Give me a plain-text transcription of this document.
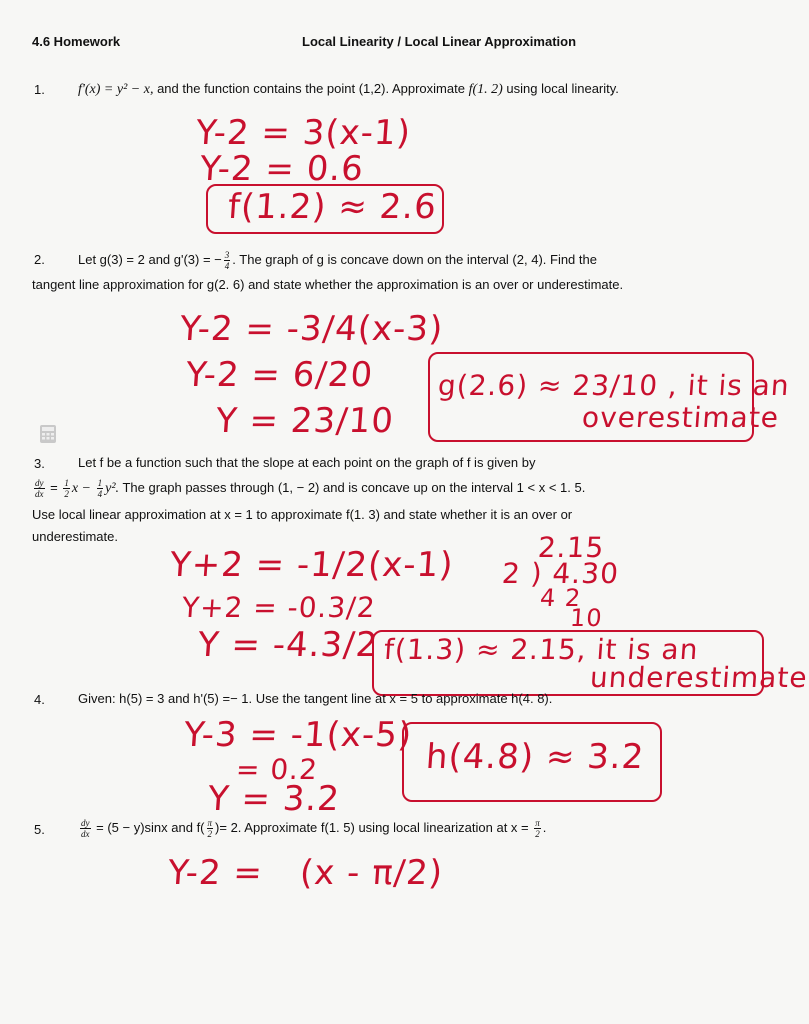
4.6 Homework	Local Linearity / Local Linear Approximation
1. f'(x) = y² − x, and the function contains the point (1,2). Approximate f(1. 2) using local linearity.
Y-2 = 3(x-1)
Y-2 = 0.6
f(1.2) ≈ 2.6
2.	Let g(3) = 2 and g'(3) = − $\frac{3}{4}$ . The graph of g is concave down on the interval (2, 4). Find the
tangent line approximation for g(2. 6) and state whether the approximation is an over or underestimate.
Y-2 = -3/4(x-3)
Y-2 = 6/20
Y = 23/10
g(2.6) ≈ 23/10 , it is an
overestimate
3.	Let f be a function such that the slope at each point on the graph of f is given by
$\frac{dy}{dx} = \frac{1}{2}$ $x - \frac{1}{4} y^2$. The graph passes through (1, − 2) and is concave up on the interval 1 < x < 1. 5.
Use local linear approximation at x = 1 to approximate f(1. 3) and state whether it is an over or
underestimate.
Y+2 = -1/2(x-1)
Y+2 = -0.3/2
Y = -4.3/2
2.15
2 ) 4.30
4 2
10
f(1.3) ≈ 2.15, it is an
underestimate
4.	Given: h(5) = 3 and h'(5) =− 1. Use the tangent line at x = 5 to approximate h(4. 8).
Y-3 = -1(x-5)
= 0.2
Y = 3.2
h(4.8) ≈ 3.2
5.	$\frac{dy}{dx} = (5 - y)\sin x$ and $f( \frac{\pi}{2}$ )= 2. Approximate f(1. 5) using local linearization at $x = \frac{\pi}{2}$ .
Y-2 = (x - π/2)
